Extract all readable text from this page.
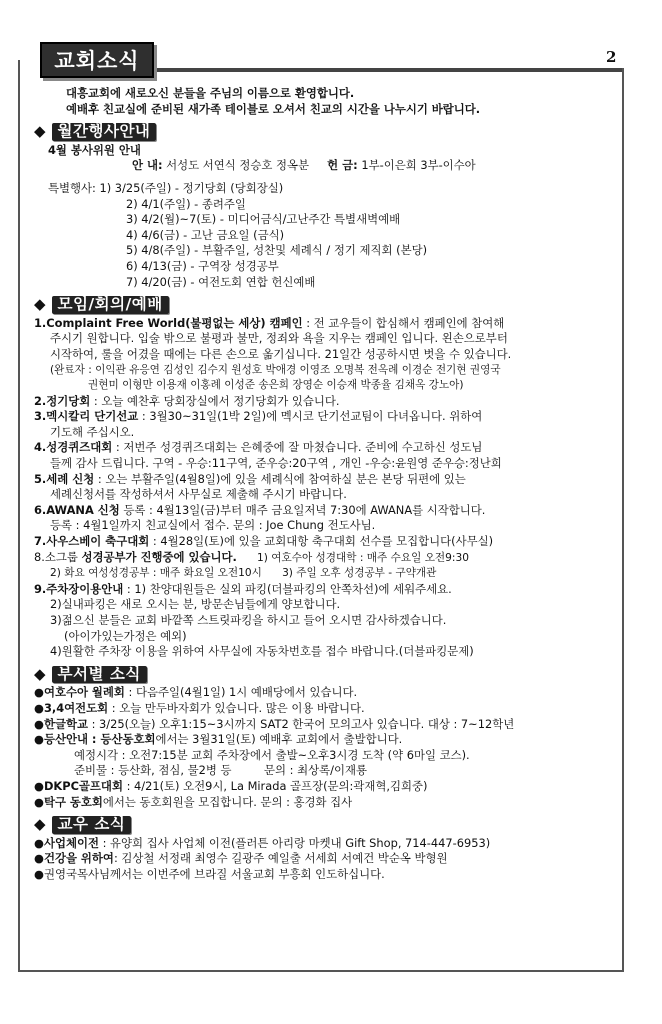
교회소식	2
대흥교회에 새로오신 분들을 주님의 이름으로 환영합니다.
예배후 친교실에 준비된 새가족 테이블로 오셔서 친교의 시간을 나누시기 바랍니다.
◆ 월간행사안내
4월 봉사위원 안내
안 내: 서성도 서연식 정승호 정옥분 헌 금: 1부-이은희 3부-이수아
특별행사: 1) 3/25(주일) - 정기당회 (당회장실)
2) 4/1(주일) - 종려주일
3) 4/2(월)~7(토) - 미디어금식/고난주간 특별새벽예배
4) 4/6(금) - 고난 금요일 (금식)
5) 4/8(주일) - 부활주일, 성찬및 세례식 / 정기 제직회 (본당)
6) 4/13(금) - 구역장 성경공부
7) 4/20(금) - 여전도회 연합 헌신예배
◆ 모임/회의/예배
1.Complaint Free World(불평없는 세상) 캠페인 : 전 교우들이 합심해서 캠페인에 참여해
주시기 원합니다. 입술 밖으로 불평과 불만, 정죄와 욕을 지우는 캠페인 입니다. 왼손으로부터
시작하여, 룰을 어겼을 때에는 다른 손으로 옮기십니다. 21일간 성공하시면 벗을 수 있습니다.
(완료자 : 이익관 유응연 김성인 김수지 원성호 박애경 이영조 오명복 전옥례 이경순 전기현 권영국
권현미 이형만 이용재 이홍례 이성준 송은희 장영순 이승재 박종율 김채옥 강노아)
2.정기당회 : 오늘 예찬후 당회장실에서 정기당회가 있습니다.
3.멕시칼리 단기선교 : 3월30~31일(1박 2일)에 멕시코 단기선교팀이 다녀옵니다. 위하여
기도해 주십시오.
4.성경퀴즈대회 : 저번주 성경퀴즈대회는 은혜중에 잘 마쳤습니다. 준비에 수고하신 성도님
들께 감사 드립니다. 구역 - 우승:11구역, 준우승:20구역 , 개인 -우승:윤원영 준우승:정난희
5.세례 신청 : 오는 부활주일(4월8일)에 있을 세례식에 참여하실 분은 본당 뒤편에 있는
세례신청서를 작성하셔서 사무실로 제출해 주시기 바랍니다.
6.AWANA 신청 등록 : 4월13일(금)부터 매주 금요일저녁 7:30에 AWANA를 시작합니다.
등록 : 4월1일까지 친교실에서 접수. 문의 : Joe Chung 전도사님.
7.사우스베이 축구대회 : 4월28일(토)에 있을 교회대항 축구대회 선수를 모집합니다(사무실)
8.소그룹 성경공부가 진행중에 있습니다.      1) 여호수아 성경대학 : 매주 수요일 오전9:30
2) 화요 여성성경공부 : 매주 화요일 오전10시      3) 주일 오후 성경공부 - 구약개관
9.주차장이용안내 : 1) 찬양대원들은 실외 파킹(더블파킹의 안쪽차선)에 세워주세요.
2)실내파킹은 새로 오시는 분, 방문손님들에게 양보합니다.
3)젊으신 분들은 교회 바깥쪽 스트릿파킹을 하시고 들어 오시면 감사하겠습니다.
(아이가있는가정은 예외)
4)원활한 주차장 이용을 위하여 사무실에 자동차번호를 접수 바랍니다.(더블파킹문제)
◆ 부서별 소식
●여호수아 월례회 : 다음주일(4월1일) 1시 예배당에서 있습니다.
●3,4여전도회 : 오늘 만두바자회가 있습니다. 많은 이용 바랍니다.
●한글학교 : 3/25(오늘) 오후1:15~3시까지 SAT2 한국어 모의고사 있습니다. 대상 : 7~12학년
●등산안내 : 등산동호회에서는 3월31일(토) 예배후 교회에서 출발합니다.
예정시각 : 오전7:15분 교회 주차장에서 출발~오후3시경 도착 (약 6마일 코스).
준비물 : 등산화, 점심, 물2병 등         문의 : 최상록/이재룡
●DKPC골프대회 : 4/21(토) 오전9시, La Mirada 골프장(문의:곽재혁,김희중)
●탁구 동호회에서는 동호회원을 모집합니다. 문의 : 홍경화 집사
◆ 교우 소식
●사업체이전 : 유양희 집사 사업체 이전(플러튼 아리랑 마켓내 Gift Shop, 714-447-6953)
●건강을 위하여: 김상철 서정래 최영수 길광주 예일출 서세희 서예건 박순옥 박형원
●권영국목사님께서는 이번주에 브라질 서울교회 부흥회 인도하십니다.
